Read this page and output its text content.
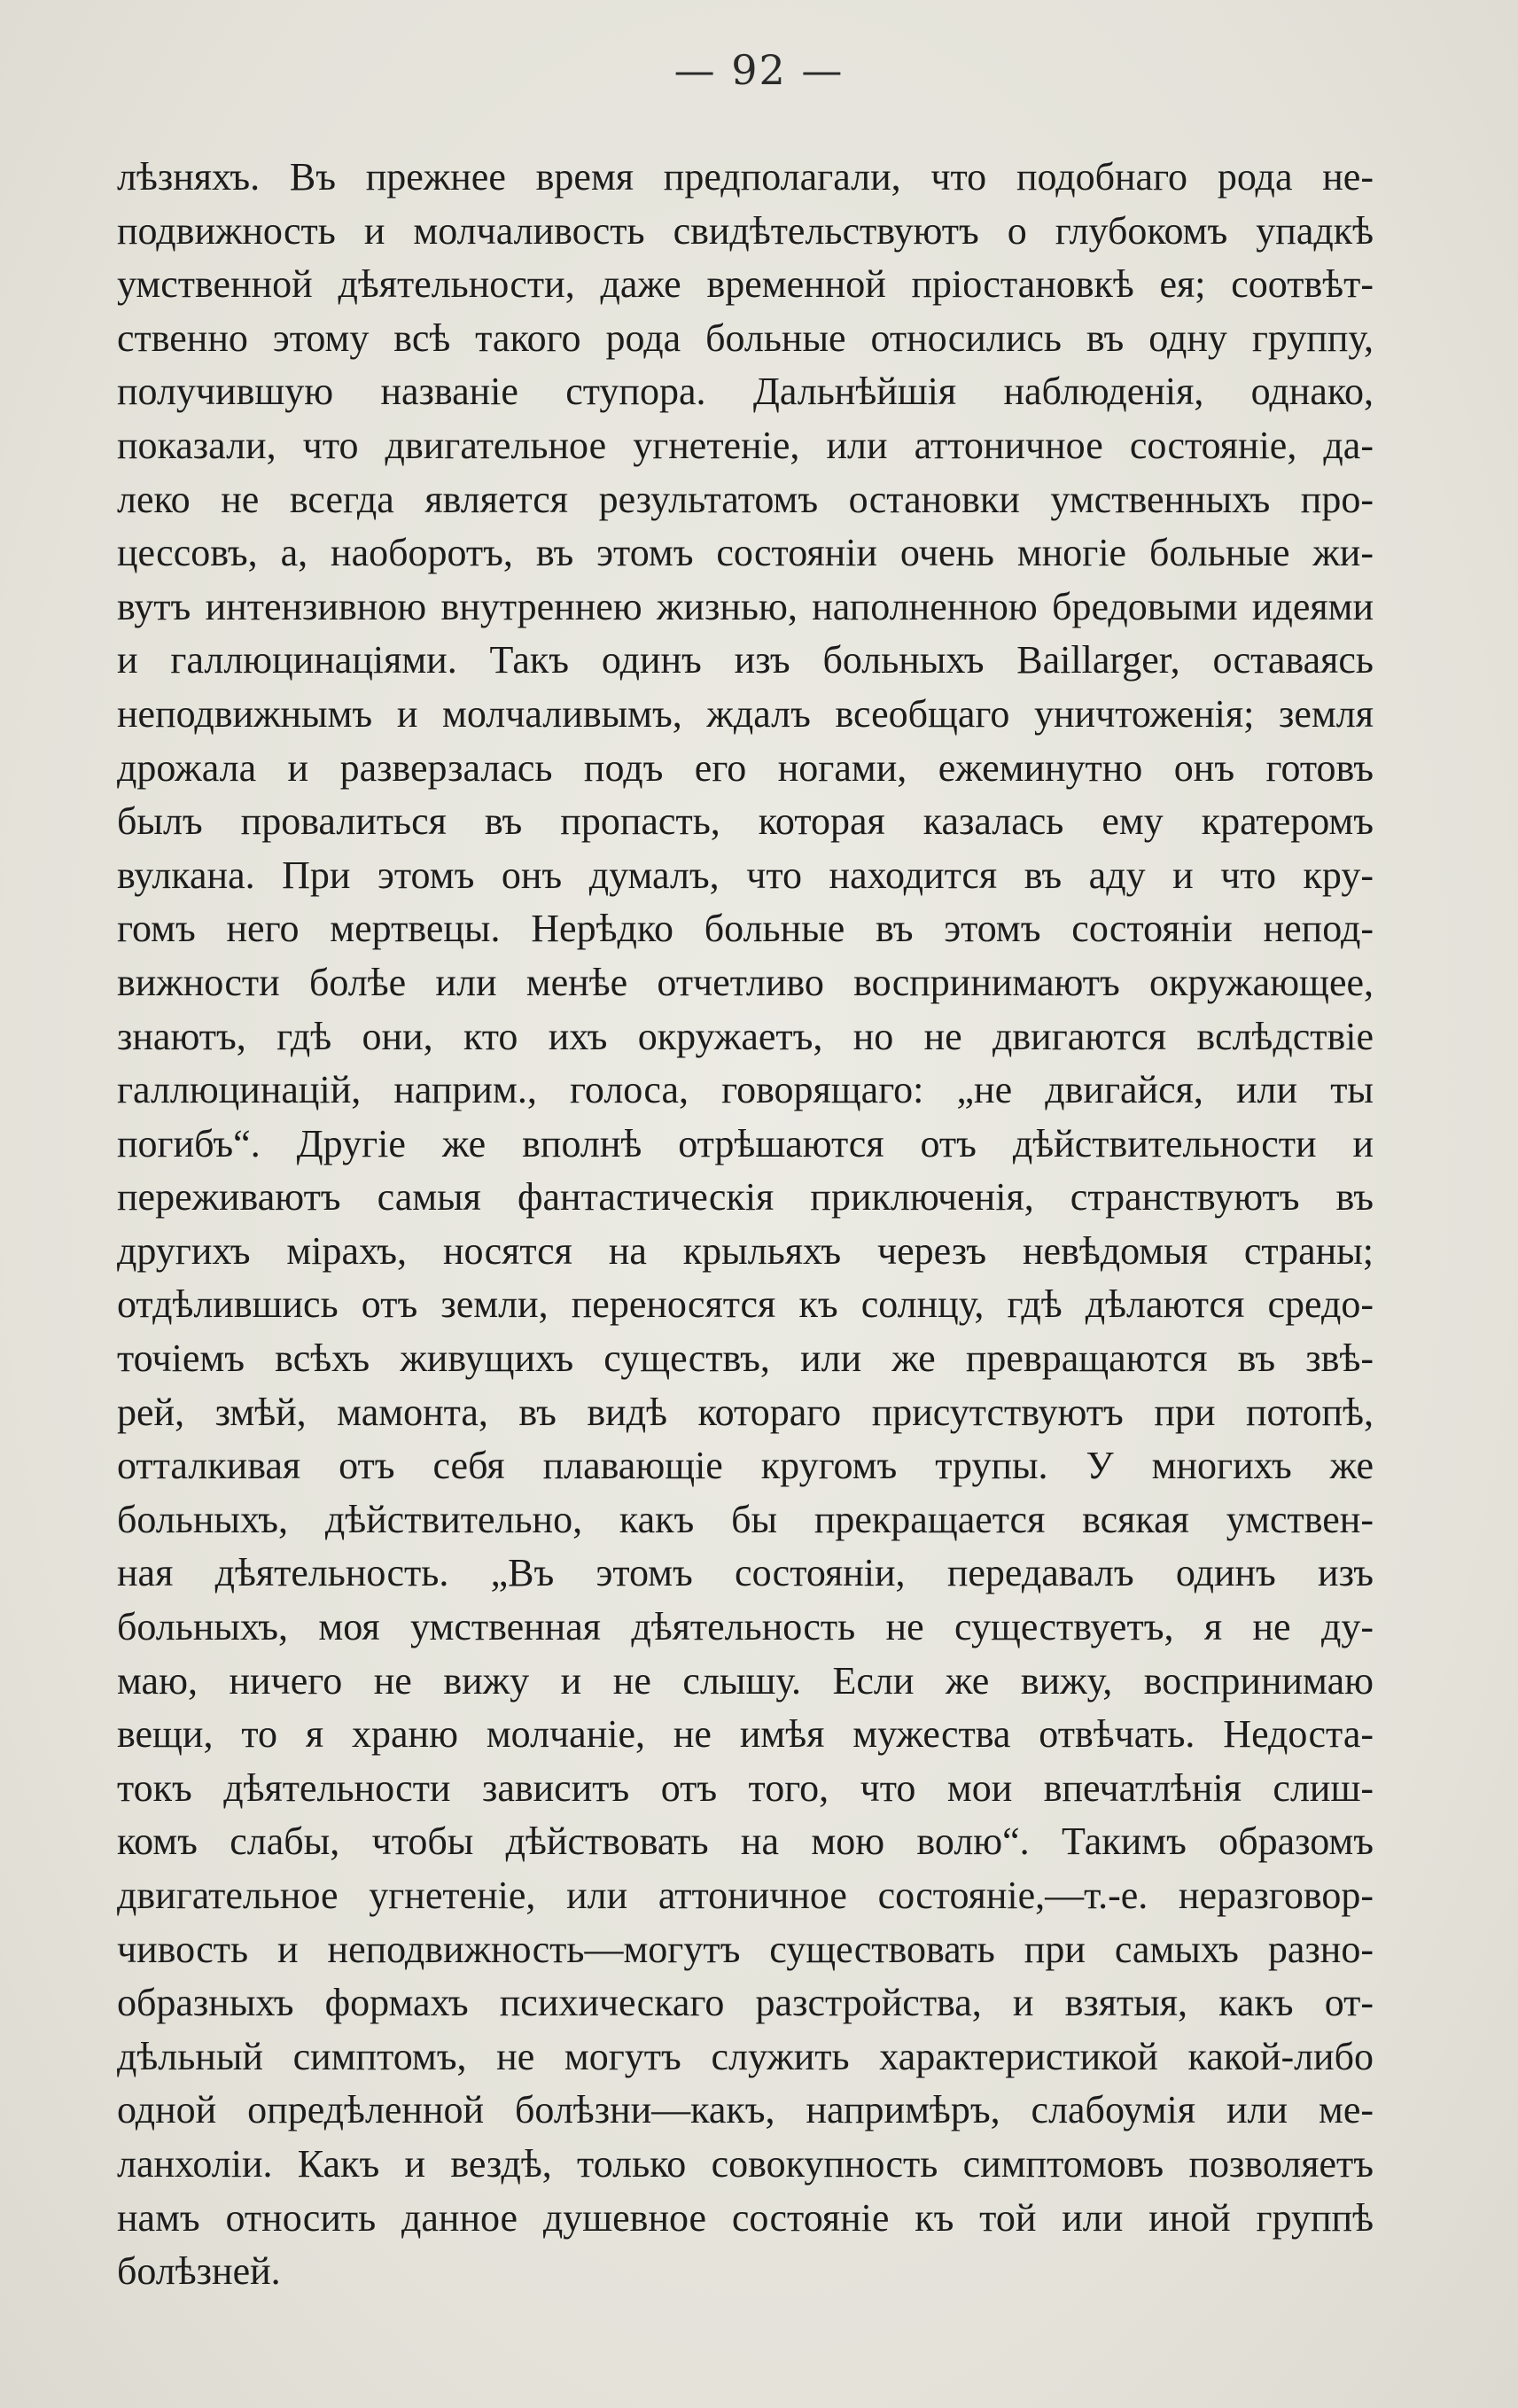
— 92 —
лѣзняхъ. Въ прежнее время предполагали, что подобнаго рода не-
подвижность и молчаливость свидѣтельствуютъ о глубокомъ упадкѣ
умственной дѣятельности, даже временной пріостановкѣ ея; соотвѣт-
ственно этому всѣ такого рода больные относились въ одну группу,
получившую названіе ступора. Дальнѣйшія наблюденія, однако,
показали, что двигательное угнетеніе, или аттоничное состояніе, да-
леко не всегда является результатомъ остановки умственныхъ про-
цессовъ, а, наоборотъ, въ этомъ состояніи очень многіе больные жи-
вутъ интензивною внутреннею жизнью, наполненною бредовыми идеями
и галлюцинаціями. Такъ одинъ изъ больныхъ Baillarger, оставаясь
неподвижнымъ и молчаливымъ, ждалъ всеобщаго уничтоженія; земля
дрожала и разверзалась подъ его ногами, ежеминутно онъ готовъ
былъ провалиться въ пропасть, которая казалась ему кратеромъ
вулкана. При этомъ онъ думалъ, что находится въ аду и что кру-
гомъ него мертвецы. Нерѣдко больные въ этомъ состояніи непод-
вижности болѣе или менѣе отчетливо воспринимаютъ окружающее,
знаютъ, гдѣ они, кто ихъ окружаетъ, но не двигаются вслѣдствіе
галлюцинацій, наприм., голоса, говорящаго: „не двигайся, или ты
погибъ“. Другіе же вполнѣ отрѣшаются отъ дѣйствительности и
переживаютъ самыя фантастическія приключенія, странствуютъ въ
другихъ мірахъ, носятся на крыльяхъ черезъ невѣдомыя страны;
отдѣлившись отъ земли, переносятся къ солнцу, гдѣ дѣлаются средо-
точіемъ всѣхъ живущихъ существъ, или же превращаются въ звѣ-
рей, змѣй, мамонта, въ видѣ котораго присутствуютъ при потопѣ,
отталкивая отъ себя плавающіе кругомъ трупы. У многихъ же
больныхъ, дѣйствительно, какъ бы прекращается всякая умствен-
ная дѣятельность. „Въ этомъ состояніи, передавалъ одинъ изъ
больныхъ, моя умственная дѣятельность не существуетъ, я не ду-
маю, ничего не вижу и не слышу. Если же вижу, воспринимаю
вещи, то я храню молчаніе, не имѣя мужества отвѣчать. Недоста-
токъ дѣятельности зависитъ отъ того, что мои впечатлѣнія слиш-
комъ слабы, чтобы дѣйствовать на мою волю“. Такимъ образомъ
двигательное угнетеніе, или аттоничное состояніе,—т.-е. неразговор-
чивость и неподвижность—могутъ существовать при самыхъ разно-
образныхъ формахъ психическаго разстройства, и взятыя, какъ от-
дѣльный симптомъ, не могутъ служить характеристикой какой-либо
одной опредѣленной болѣзни—какъ, напримѣръ, слабоумія или ме-
ланхоліи. Какъ и вездѣ, только совокупность симптомовъ позволяетъ
намъ относить данное душевное состояніе къ той или иной группѣ
болѣзней.
